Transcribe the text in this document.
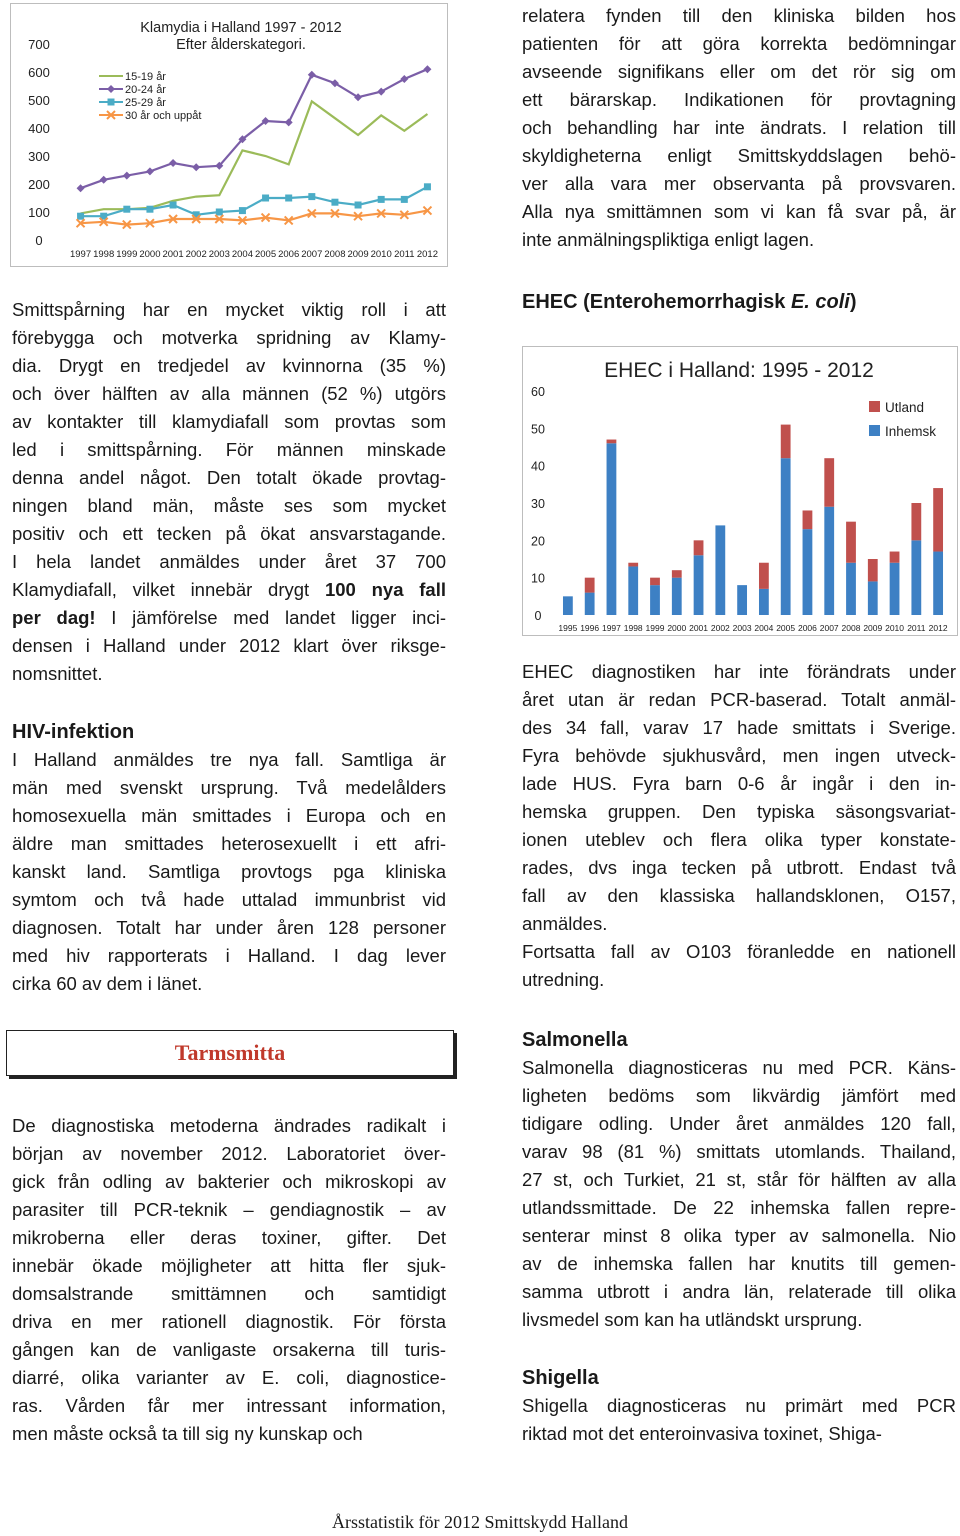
Klamydia i Halland 1997 - 2012
Efter ålderskategori.
0
100
200
300
400
500
600
700
1997 1998 1999 2000 2001 2002 2003 2004 2005 2006 2007 2008 2009 2010 2011 2012
15-19 år
20-24 år
25-29 år
30 år och uppåt
relatera fynden till den kliniska bilden hos
patienten för att göra korrekta bedömningar
avseende signifikans eller om det rör sig om
ett bärarskap. Indikationen för provtagning
och behandling har inte ändrats. I relation till
skyldigheterna enligt Smittskyddslagen behö-
ver alla vara mer observanta på provsvaren.
Alla nya smittämnen som vi kan få svar på, är
inte anmälningspliktiga enligt lagen.
EHEC (Enterohemorrhagisk E. coli)
EHEC i Halland: 1995 - 2012
0
10
20
30
40
50
60
1995 1996 1997 1998 1999 2000 2001 2002 2003 2004 2005 2006 2007 2008 2009 2010 2011 2012
Utland
Inhemsk
EHEC diagnostiken har inte förändrats under
året utan är redan PCR-baserad. Totalt anmäl-
des 34 fall, varav 17 hade smittats i Sverige.
Fyra behövde sjukhusvård, men ingen utveck-
lade HUS. Fyra barn 0-6 år ingår i den in-
hemska gruppen. Den typiska säsongsvariat-
ionen uteblev och flera olika typer konstate-
rades, dvs inga tecken på utbrott. Endast två
fall av den klassiska hallandsklonen, O157,
anmäldes.
Fortsatta fall av O103 föranledde en nationell
utredning.
Salmonella
Salmonella diagnosticeras nu med PCR. Käns-
ligheten bedöms som likvärdig jämfört med
tidigare odling. Under året anmäldes 120 fall,
varav 98 (81 %) smittats utomlands. Thailand,
27 st, och Turkiet, 21 st, står för hälften av alla
utlandssmittade. De 22 inhemska fallen repre-
senterar minst 8 olika typer av salmonella. Nio
av de inhemska fallen har knutits till gemen-
samma utbrott i andra län, relaterade till olika
livsmedel som kan ha utländskt ursprung.
Shigella
Shigella diagnosticeras nu primärt med PCR
riktad mot det enteroinvasiva toxinet, Shiga-
Smittspårning har en mycket viktig roll i att
förebygga och motverka spridning av Klamy-
dia. Drygt en tredjedel av kvinnorna (35 %)
och över hälften av alla männen (52 %) utgörs
av kontakter till klamydiafall som provtas som
led i smittspårning. För männen minskade
denna andel något. Den totalt ökade provtag-
ningen bland män, måste ses som mycket
positiv och ett tecken på ökat ansvarstagande.
I hela landet anmäldes under året 37 700
Klamydiafall, vilket innebär drygt 100 nya fall
per dag! I jämförelse med landet ligger inci-
densen i Halland under 2012 klart över riksge-
nomsnittet.
HIV-infektion
I Halland anmäldes tre nya fall. Samtliga är
män med svenskt ursprung. Två medelålders
homosexuella män smittades i Europa och en
äldre man smittades heterosexuellt i ett afri-
kanskt land. Samtliga provtogs pga kliniska
symtom och två hade uttalad immunbrist vid
diagnosen. Totalt har under åren 128 personer
med hiv rapporterats i Halland. I dag lever
cirka 60 av dem i länet.
Tarmsmitta
De diagnostiska metoderna ändrades radikalt i
början av november 2012. Laboratoriet över-
gick från odling av bakterier och mikroskopi av
parasiter till PCR-teknik – gendiagnostik – av
mikroberna eller deras toxiner, gifter. Det
innebär ökade möjligheter att hitta fler sjuk-
domsalstrande smittämnen och samtidigt
driva en mer rationell diagnostik. För första
gången kan de vanligaste orsakerna till turis-
diarré, olika varianter av E. coli, diagnostice-
ras. Vården får mer intressant information,
men måste också ta till sig ny kunskap och
Årsstatistik för 2012 Smittskydd Halland
